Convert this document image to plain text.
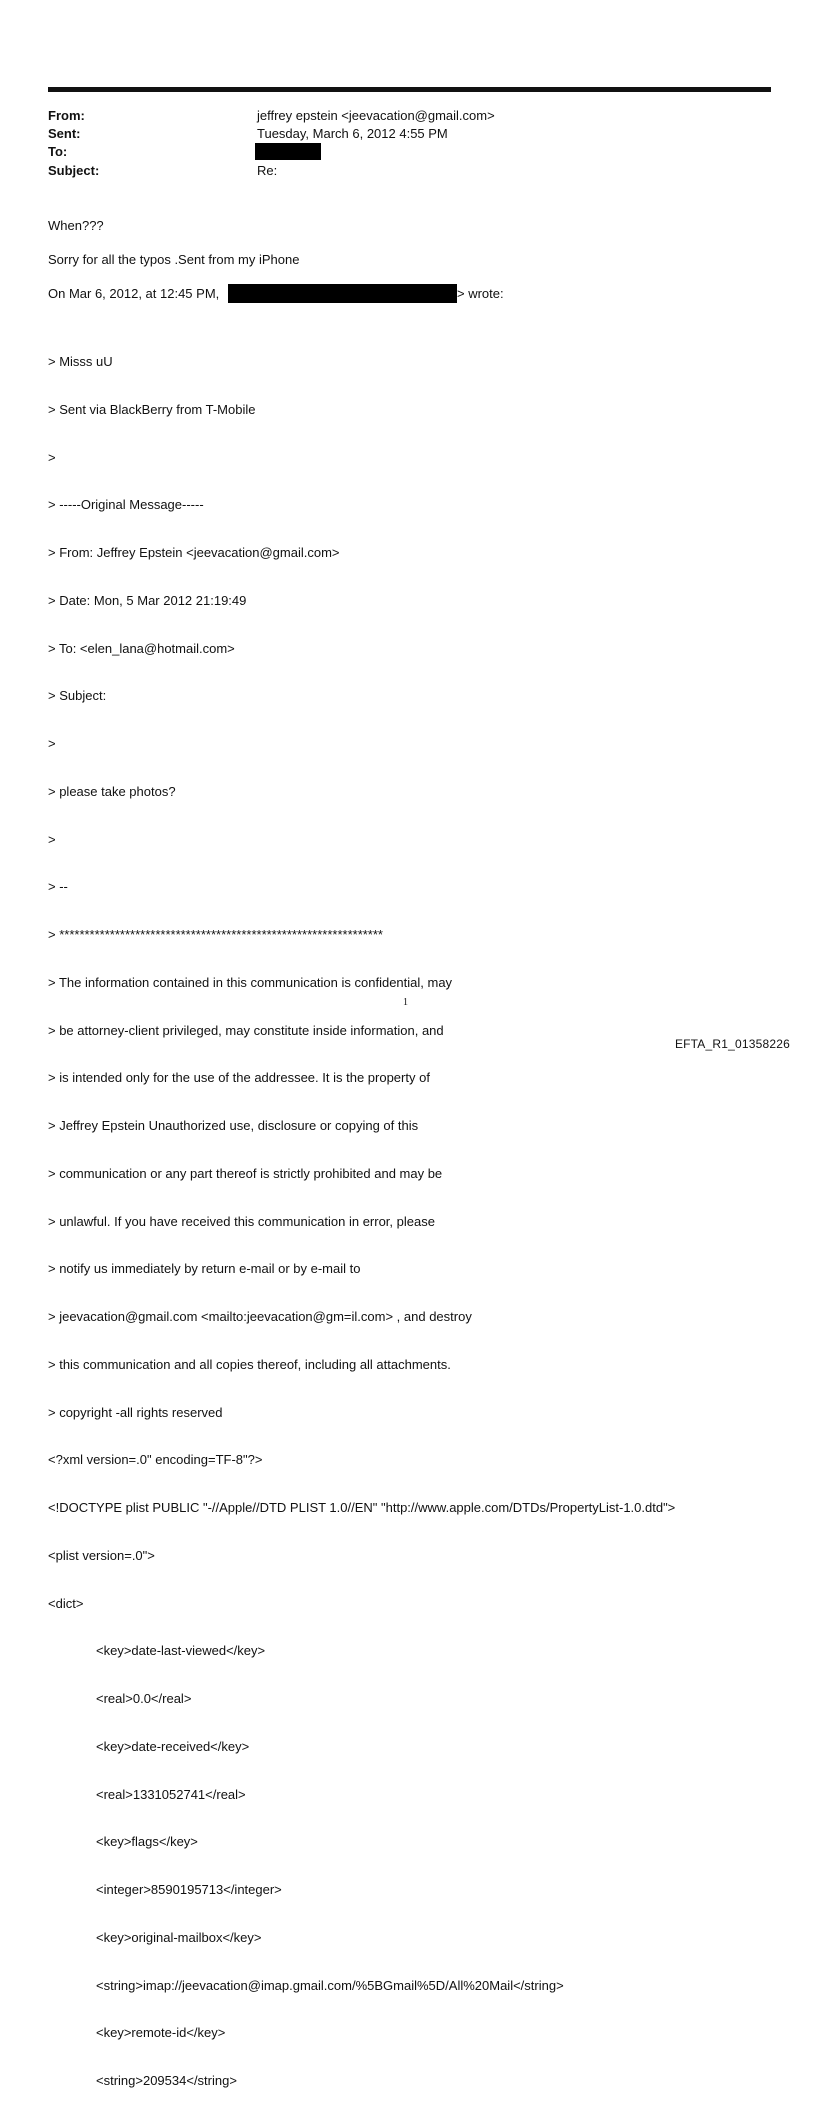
From:	jeffrey epstein <jeevacation@gmail.com>
Sent:	Tuesday, March 6, 2012 4:55 PM
To:
Subject:	Re:
When???
Sorry for all the typos .Sent from my iPhone
On Mar 6, 2012, at 12:45 PM,	> wrote:

> Misss uU

> Sent via BlackBerry from T-Mobile

>

> -----Original Message-----

> From: Jeffrey Epstein <jeevacation@gmail.com>

> Date: Mon, 5 Mar 2012 21:19:49

> To: <elen_lana@hotmail.com>

> Subject:

>

> please take photos?

>

> --

> ****************************************************************

> The information contained in this communication is confidential, may

> be attorney-client privileged, may constitute inside information, and

> is intended only for the use of the addressee. It is the property of

> Jeffrey Epstein Unauthorized use, disclosure or copying of this

> communication or any part thereof is strictly prohibited and may be

> unlawful. If you have received this communication in error, please

> notify us immediately by return e-mail or by e-mail to

> jeevacation@gmail.com <mailto:jeevacation@gm=il.com> , and destroy

> this communication and all copies thereof, including all attachments.

> copyright -all rights reserved

<?xml version=.0" encoding=TF-8"?>

<!DOCTYPE plist PUBLIC "-//Apple//DTD PLIST 1.0//EN" "http://www.apple.com/DTDs/PropertyList-1.0.dtd">

<plist version=.0">

<dict>

<key>date-last-viewed</key>

<real>0.0</real>

<key>date-received</key>

<real>1331052741</real>

<key>flags</key>

<integer>8590195713</integer>

<key>original-mailbox</key>

<string>imap://jeevacation@imap.gmail.com/%5BGmail%5D/All%20Mail</string>

<key>remote-id</key>

<string>209534</string>

1
EFTA_R1_01358226
